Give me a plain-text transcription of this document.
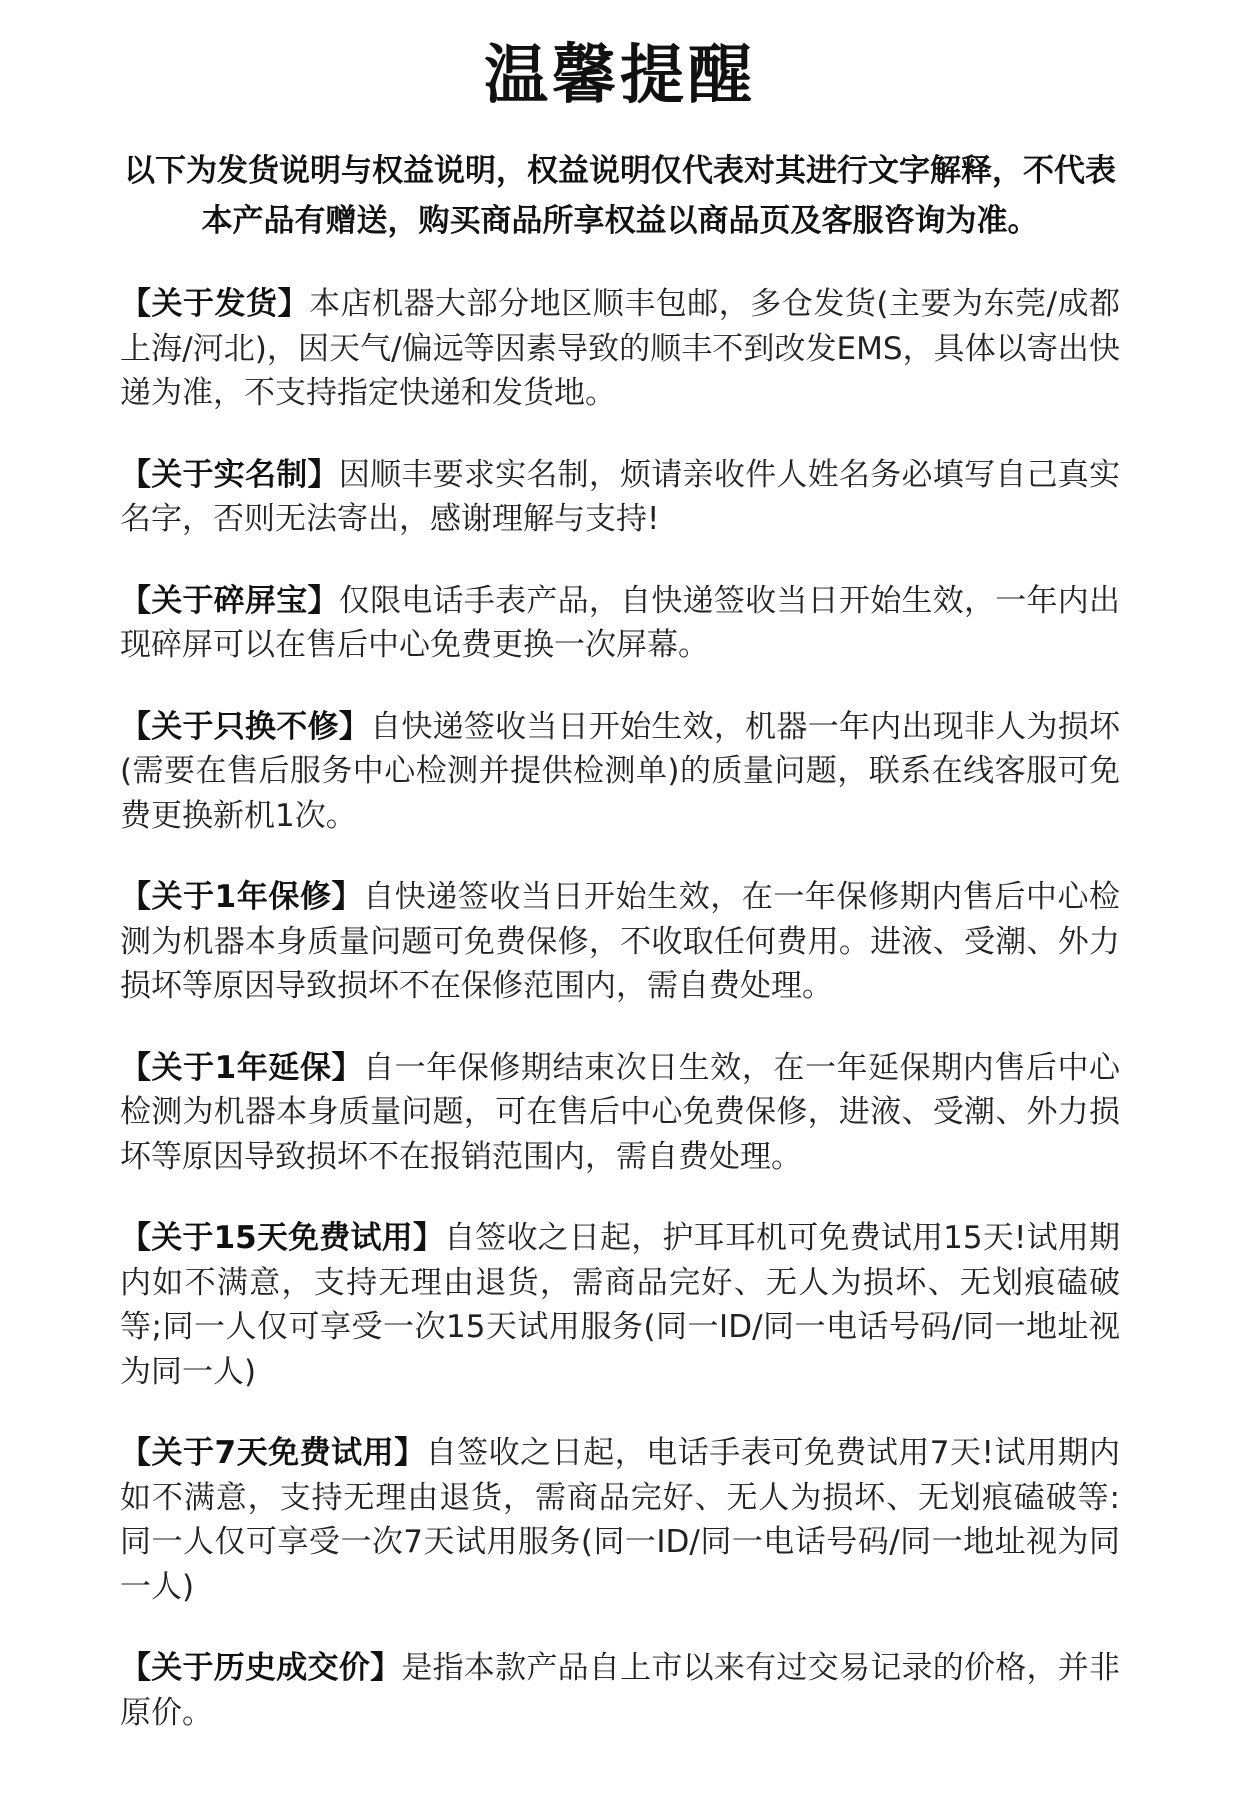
温馨提醒
以下为发货说明与权益说明，权益说明仅代表对其进行文字解释，不代表本产品有赠送，购买商品所享权益以商品页及客服咨询为准。

【关于发货】本店机器大部分地区顺丰包邮，多仓发货(主要为东莞/成都上海/河北)，因天气/偏远等因素导致的顺丰不到改发EMS，具体以寄出快递为准，不支持指定快递和发货地。

【关于实名制】因顺丰要求实名制，烦请亲收件人姓名务必填写自己真实名字，否则无法寄出，感谢理解与支持!

【关于碎屏宝】仅限电话手表产品，自快递签收当日开始生效，一年内出现碎屏可以在售后中心免费更换一次屏幕。

【关于只换不修】自快递签收当日开始生效，机器一年内出现非人为损坏(需要在售后服务中心检测并提供检测单)的质量问题，联系在线客服可免费更换新机1次。

【关于1年保修】自快递签收当日开始生效，在一年保修期内售后中心检测为机器本身质量问题可免费保修，不收取任何费用。进液、受潮、外力损坏等原因导致损坏不在保修范围内，需自费处理。

【关于1年延保】自一年保修期结束次日生效，在一年延保期内售后中心检测为机器本身质量问题，可在售后中心免费保修，进液、受潮、外力损坏等原因导致损坏不在报销范围内，需自费处理。

【关于15天免费试用】自签收之日起，护耳耳机可免费试用15天!试用期内如不满意，支持无理由退货，需商品完好、无人为损坏、无划痕磕破等;同一人仅可享受一次15天试用服务(同一ID/同一电话号码/同一地址视为同一人)

【关于7天免费试用】自签收之日起，电话手表可免费试用7天!试用期内如不满意，支持无理由退货，需商品完好、无人为损坏、无划痕磕破等:同一人仅可享受一次7天试用服务(同一ID/同一电话号码/同一地址视为同一人)

【关于历史成交价】是指本款产品自上市以来有过交易记录的价格，并非原价。
